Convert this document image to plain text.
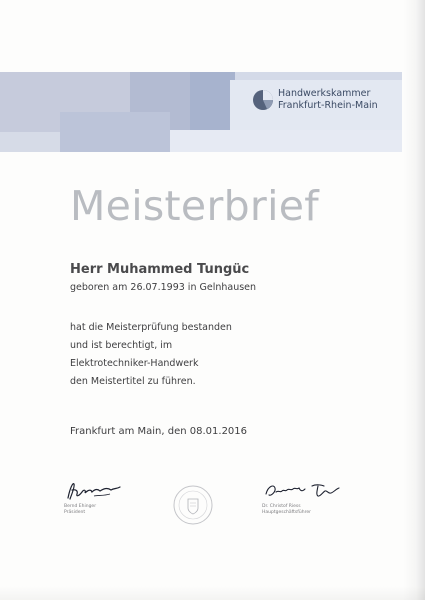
Handwerkskammer
Frankfurt-Rhein-Main
Meisterbrief
Herr Muhammed Tungüc
geboren am 26.07.1993 in Gelnhausen
hat die Meisterprüfung bestanden
und ist berechtigt, im
Elektrotechniker-Handwerk
den Meistertitel zu führen.
Frankfurt am Main, den 08.01.2016
Bernd Ehinger
Präsident
Dr. Christof Riess
Hauptgeschäftsführer
